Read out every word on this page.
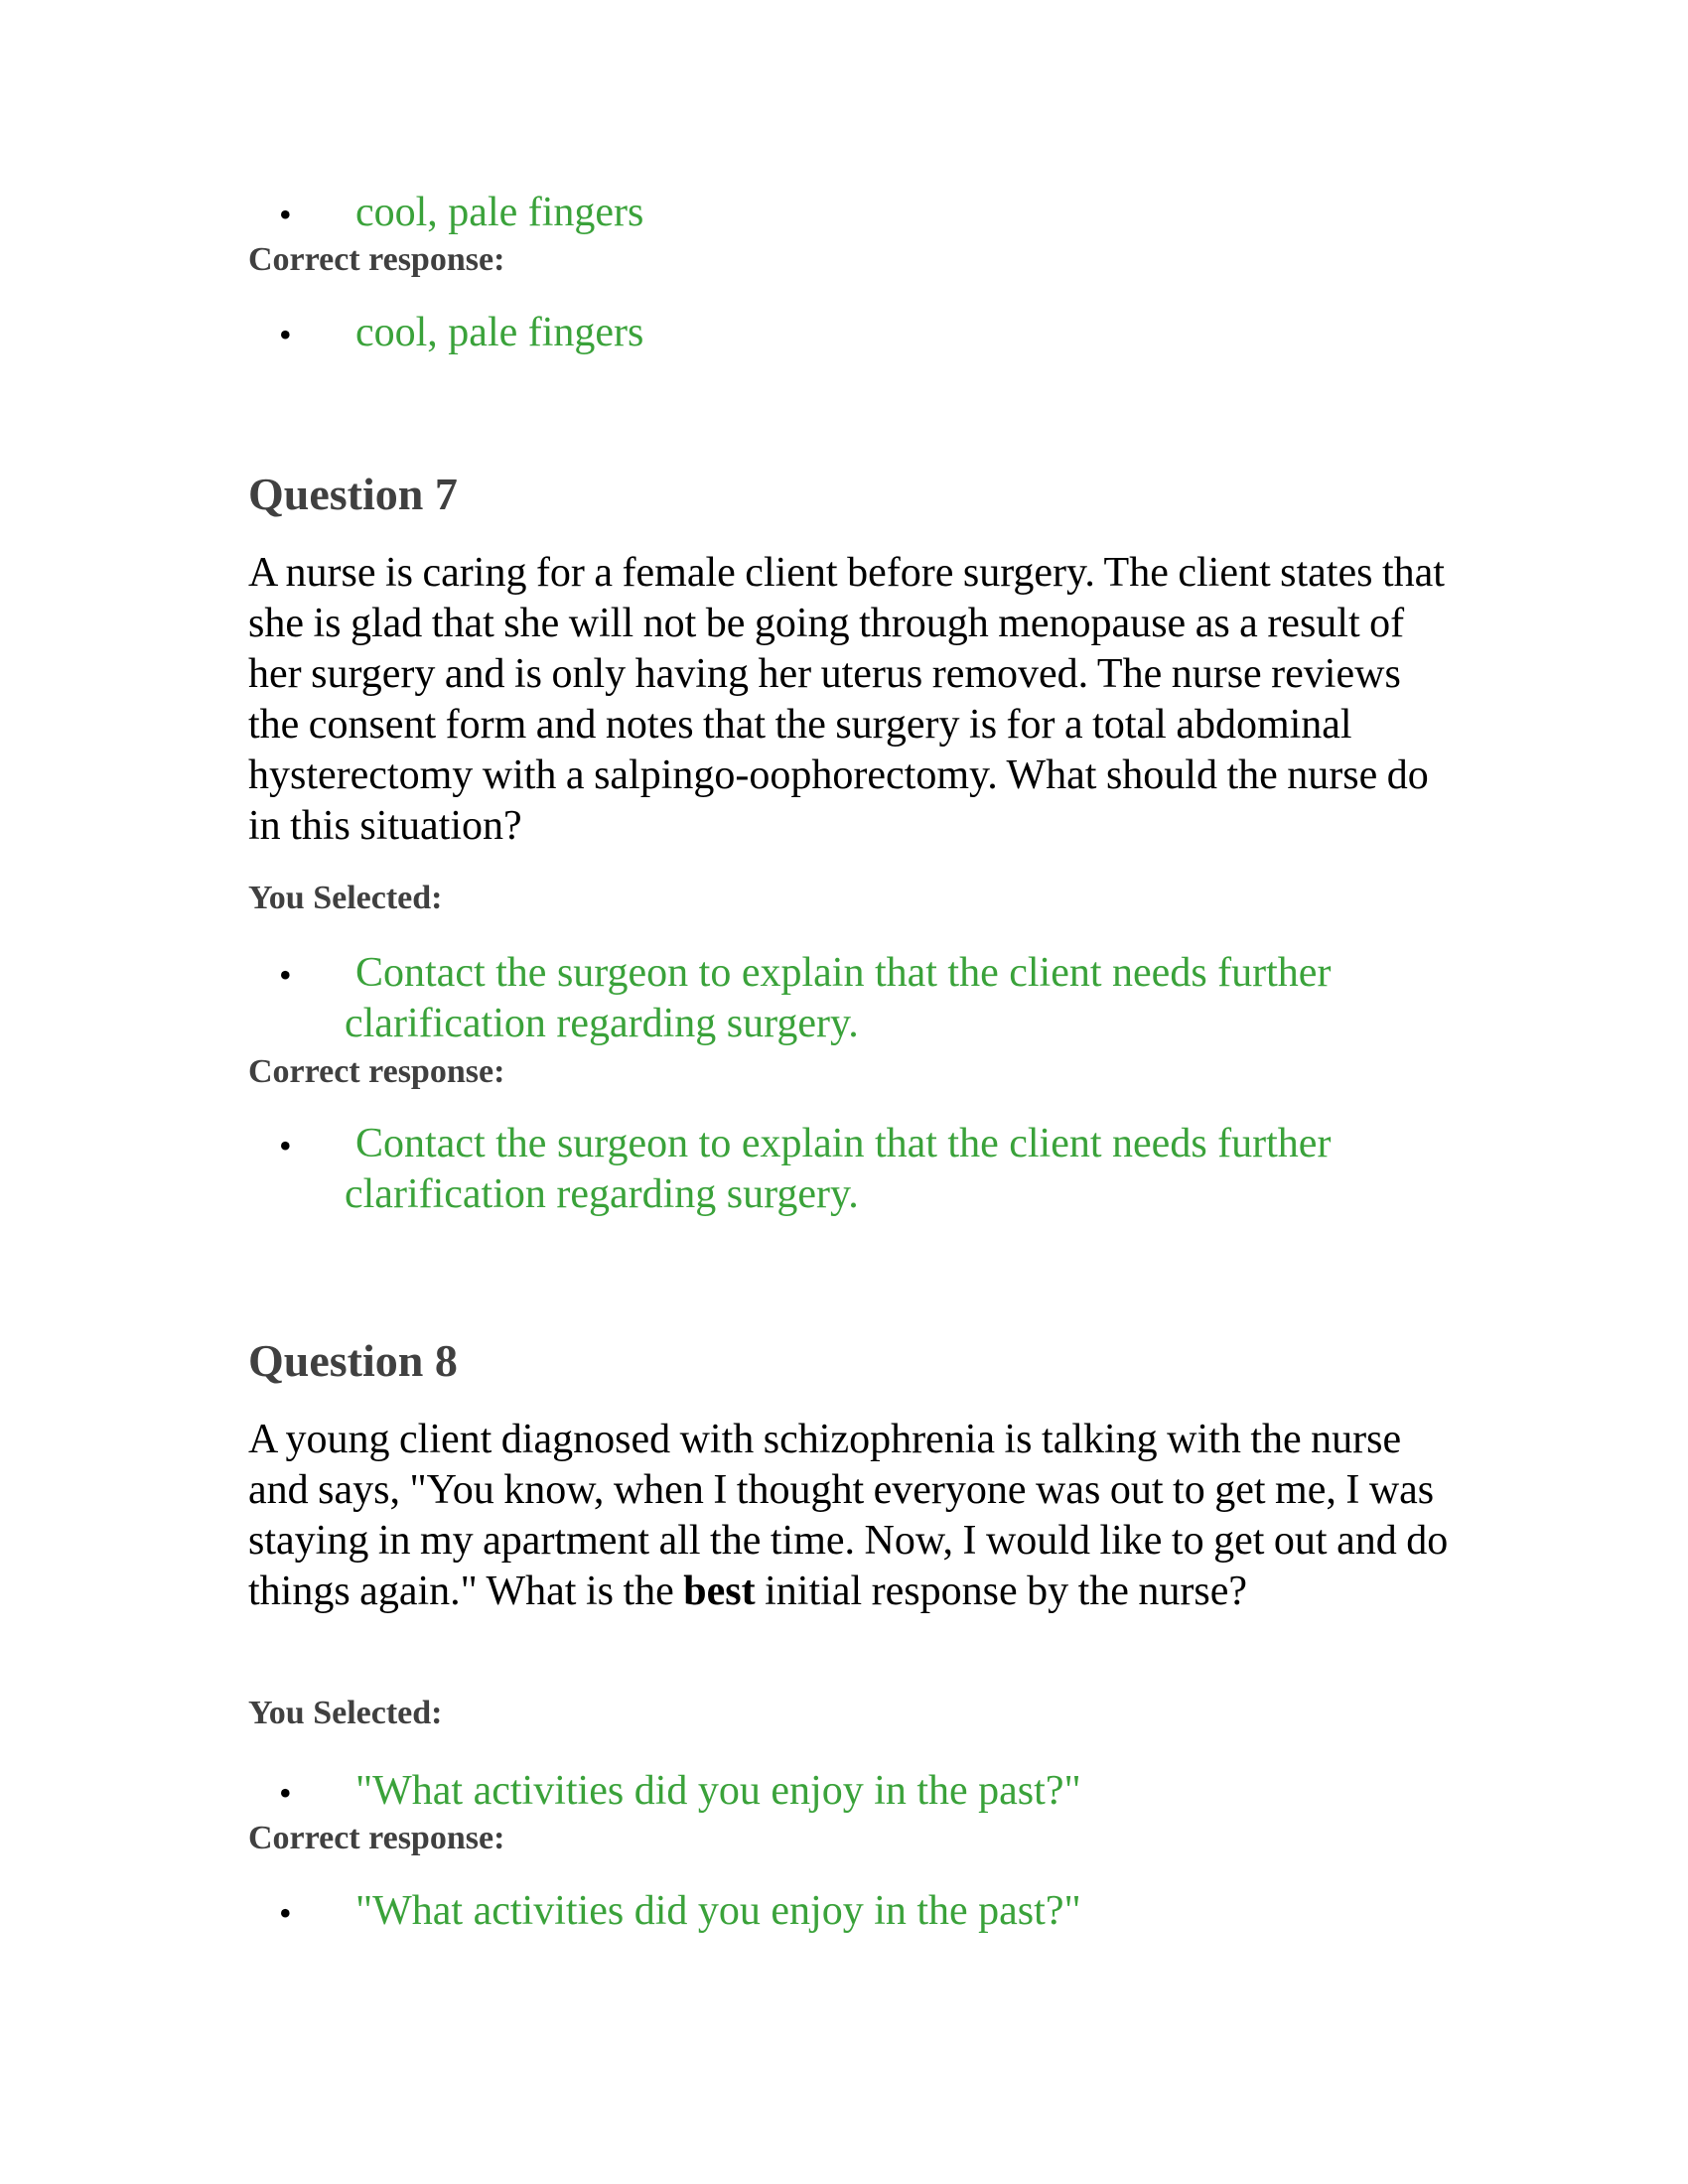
• cool, pale fingers
Correct response:
• cool, pale fingers
Question 7
A nurse is caring for a female client before surgery. The client states that she is glad that she will not be going through menopause as a result of her surgery and is only having her uterus removed. The nurse reviews the consent form and notes that the surgery is for a total abdominal hysterectomy with a salpingo-oophorectomy. What should the nurse do in this situation?
You Selected:
• Contact the surgeon to explain that the client needs further clarification regarding surgery.
Correct response:
• Contact the surgeon to explain that the client needs further clarification regarding surgery.
Question 8
A young client diagnosed with schizophrenia is talking with the nurse and says, "You know, when I thought everyone was out to get me, I was staying in my apartment all the time. Now, I would like to get out and do things again." What is the best initial response by the nurse?
You Selected:
• "What activities did you enjoy in the past?"
Correct response:
• "What activities did you enjoy in the past?"
